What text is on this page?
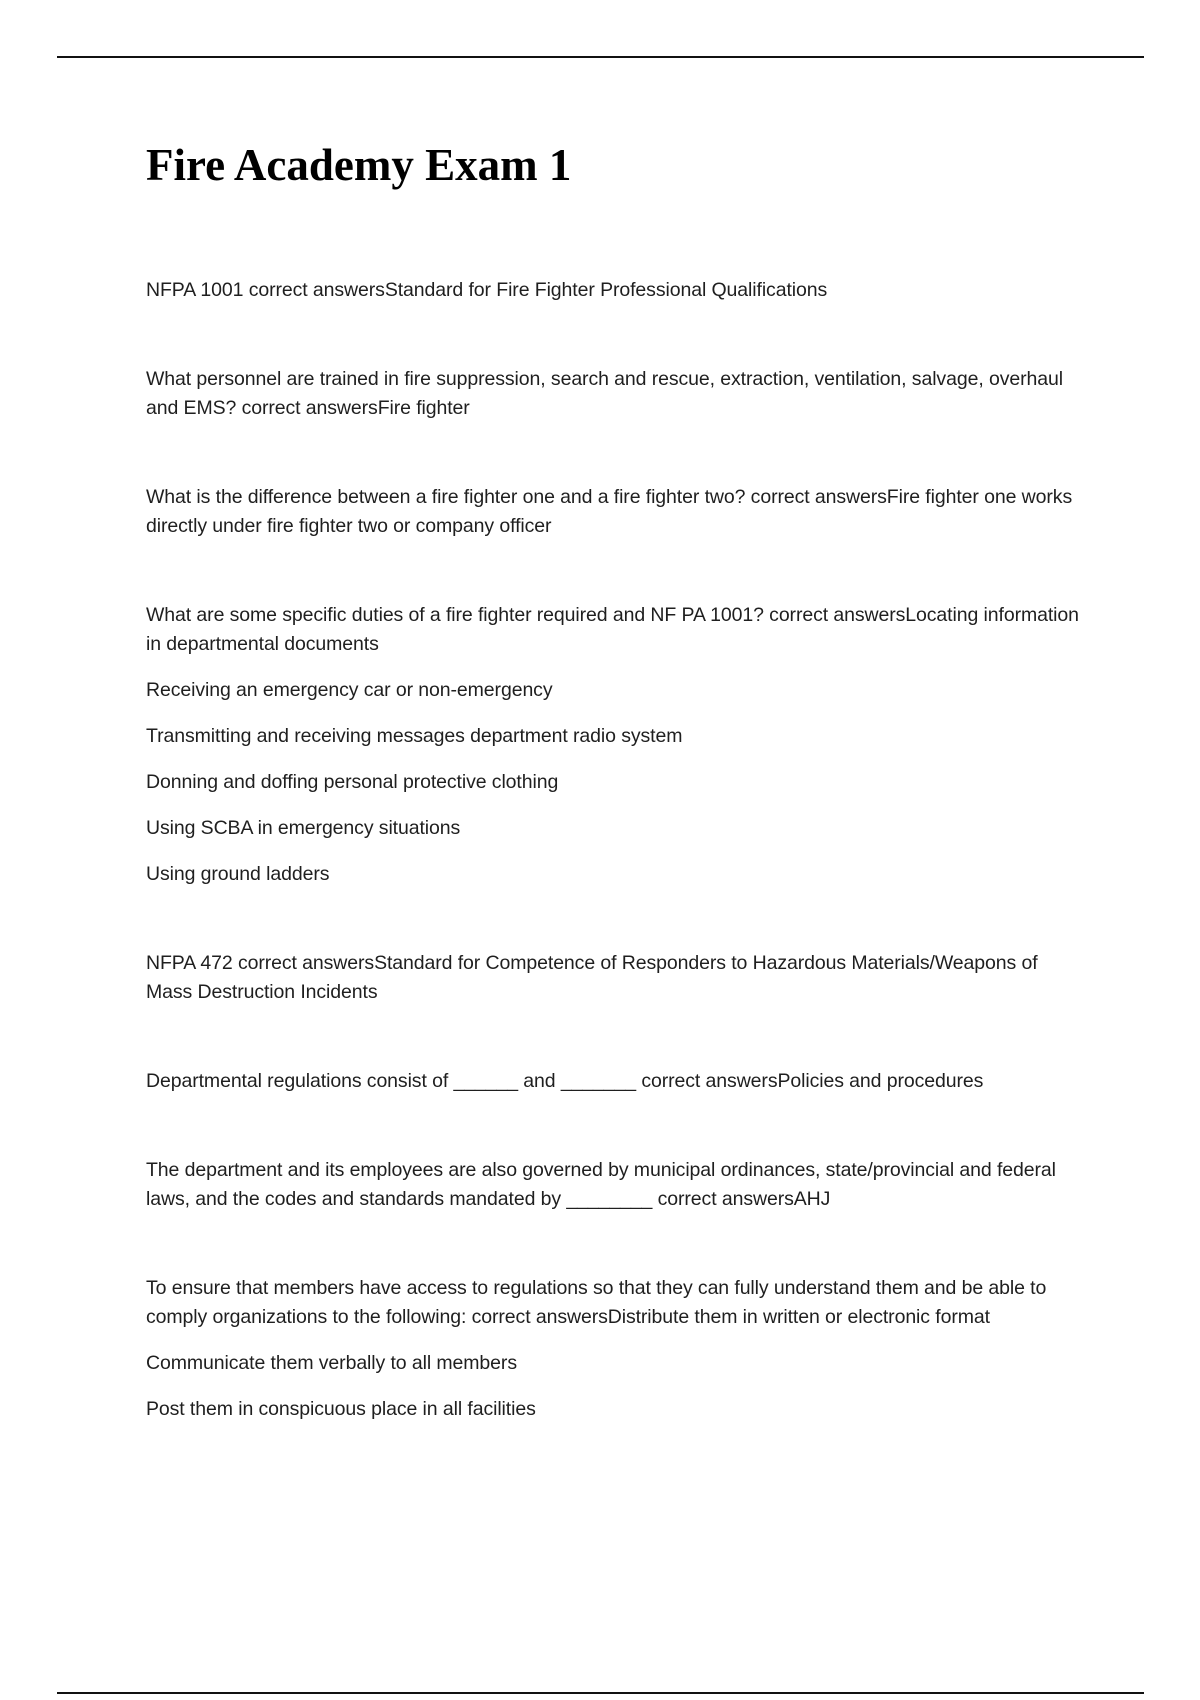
Fire Academy Exam 1

NFPA 1001 correct answersStandard for Fire Fighter Professional Qualifications

What personnel are trained in fire suppression, search and rescue, extraction, ventilation, salvage, overhaul and EMS? correct answersFire fighter

What is the difference between a fire fighter one and a fire fighter two? correct answersFire fighter one works directly under fire fighter two or company officer

What are some specific duties of a fire fighter required and NF PA 1001? correct answersLocating information in departmental documents

Receiving an emergency car or non-emergency

Transmitting and receiving messages department radio system

Donning and doffing personal protective clothing

Using SCBA in emergency situations

Using ground ladders

NFPA 472 correct answersStandard for Competence of Responders to Hazardous Materials/Weapons of Mass Destruction Incidents

Departmental regulations consist of ______ and _______ correct answersPolicies and procedures

The department and its employees are also governed by municipal ordinances, state/provincial and federal laws, and the codes and standards mandated by ________ correct answersAHJ

To ensure that members have access to regulations so that they can fully understand them and be able to comply organizations to the following: correct answersDistribute them in written or electronic format

Communicate them verbally to all members

Post them in conspicuous place in all facilities
